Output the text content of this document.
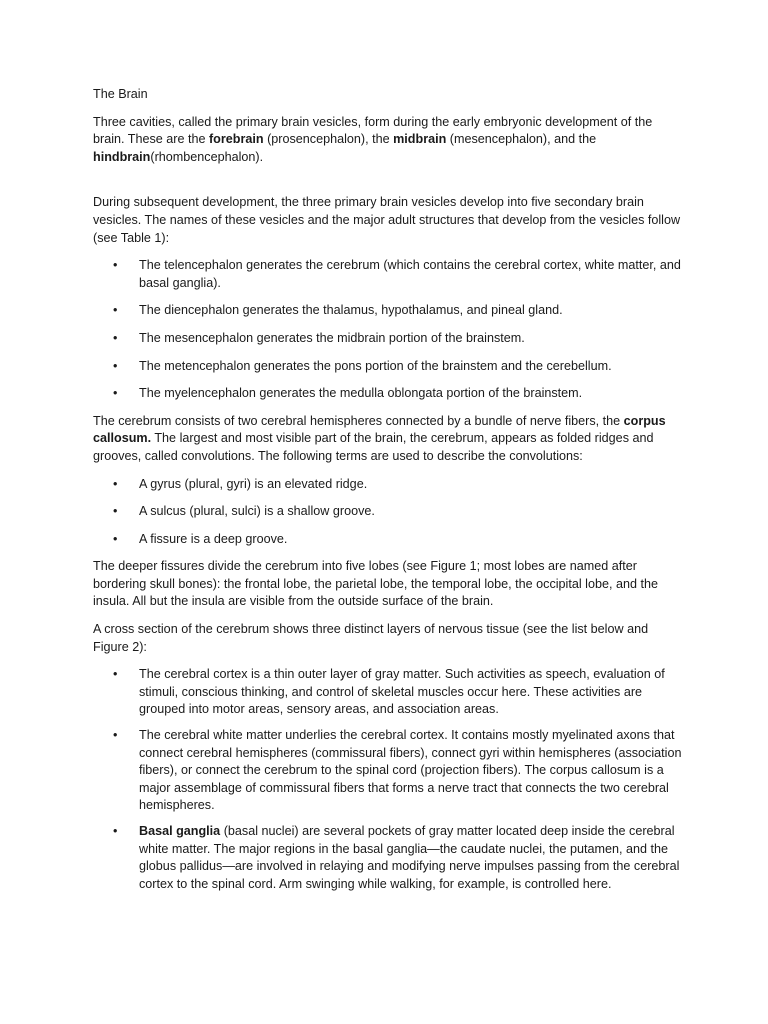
The Brain

Three cavities, called the primary brain vesicles, form during the early embryonic development of the brain. These are the forebrain (prosencephalon), the midbrain (mesencephalon), and the hindbrain(rhombencephalon).

During subsequent development, the three primary brain vesicles develop into five secondary brain vesicles. The names of these vesicles and the major adult structures that develop from the vesicles follow (see Table 1):

• The telencephalon generates the cerebrum (which contains the cerebral cortex, white matter, and basal ganglia).
• The diencephalon generates the thalamus, hypothalamus, and pineal gland.
• The mesencephalon generates the midbrain portion of the brainstem.
• The metencephalon generates the pons portion of the brainstem and the cerebellum.
• The myelencephalon generates the medulla oblongata portion of the brainstem.

The cerebrum consists of two cerebral hemispheres connected by a bundle of nerve fibers, the corpus callosum. The largest and most visible part of the brain, the cerebrum, appears as folded ridges and grooves, called convolutions. The following terms are used to describe the convolutions:

• A gyrus (plural, gyri) is an elevated ridge.
• A sulcus (plural, sulci) is a shallow groove.
• A fissure is a deep groove.

The deeper fissures divide the cerebrum into five lobes (see Figure 1; most lobes are named after bordering skull bones): the frontal lobe, the parietal lobe, the temporal lobe, the occipital lobe, and the insula. All but the insula are visible from the outside surface of the brain.

A cross section of the cerebrum shows three distinct layers of nervous tissue (see the list below and Figure 2):

• The cerebral cortex is a thin outer layer of gray matter. Such activities as speech, evaluation of stimuli, conscious thinking, and control of skeletal muscles occur here. These activities are grouped into motor areas, sensory areas, and association areas.
• The cerebral white matter underlies the cerebral cortex. It contains mostly myelinated axons that connect cerebral hemispheres (commissural fibers), connect gyri within hemispheres (association fibers), or connect the cerebrum to the spinal cord (projection fibers). The corpus callosum is a major assemblage of commissural fibers that forms a nerve tract that connects the two cerebral hemispheres.
• Basal ganglia (basal nuclei) are several pockets of gray matter located deep inside the cerebral white matter. The major regions in the basal ganglia—the caudate nuclei, the putamen, and the globus pallidus—are involved in relaying and modifying nerve impulses passing from the cerebral cortex to the spinal cord. Arm swinging while walking, for example, is controlled here.
